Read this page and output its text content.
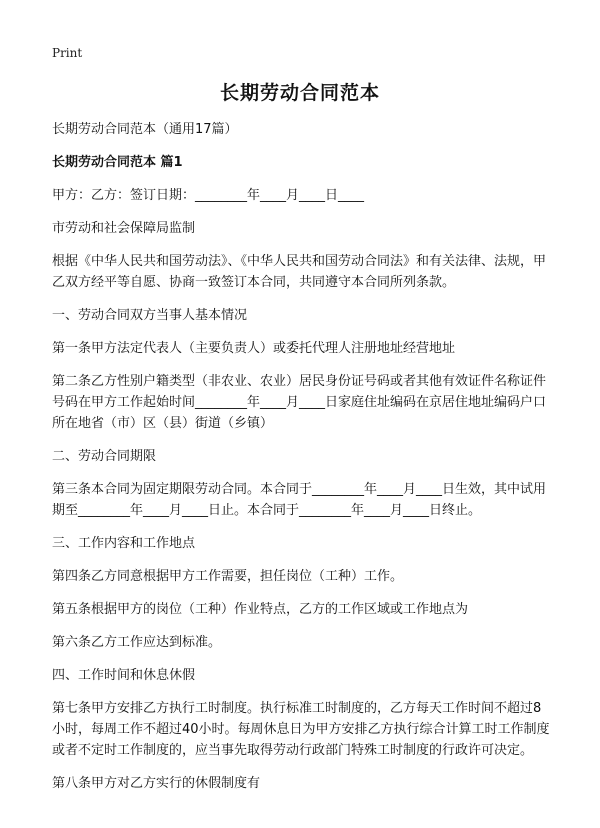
Print
长期劳动合同范本

长期劳动合同范本（通用17篇）

长期劳动合同范本 篇1

甲方：乙方：签订日期：________年____月____日____

市劳动和社会保障局监制

根据《中华人民共和国劳动法》、《中华人民共和国劳动合同法》和有关法律、法规，甲乙双方经平等自愿、协商一致签订本合同，共同遵守本合同所列条款。

一、劳动合同双方当事人基本情况

第一条甲方法定代表人（主要负责人）或委托代理人注册地址经营地址

第二条乙方性别户籍类型（非农业、农业）居民身份证号码或者其他有效证件名称证件号码在甲方工作起始时间________年____月____日家庭住址编码在京居住地址编码户口所在地省（市）区（县）街道（乡镇）

二、劳动合同期限

第三条本合同为固定期限劳动合同。本合同于________年____月____日生效，其中试用期至________年____月____日止。本合同于________年____月____日终止。

三、工作内容和工作地点

第四条乙方同意根据甲方工作需要，担任岗位（工种）工作。

第五条根据甲方的岗位（工种）作业特点，乙方的工作区域或工作地点为

第六条乙方工作应达到标准。

四、工作时间和休息休假

第七条甲方安排乙方执行工时制度。执行标准工时制度的，乙方每天工作时间不超过8小时，每周工作不超过40小时。每周休息日为甲方安排乙方执行综合计算工时工作制度或者不定时工作制度的，应当事先取得劳动行政部门特殊工时制度的行政许可决定。

第八条甲方对乙方实行的休假制度有
